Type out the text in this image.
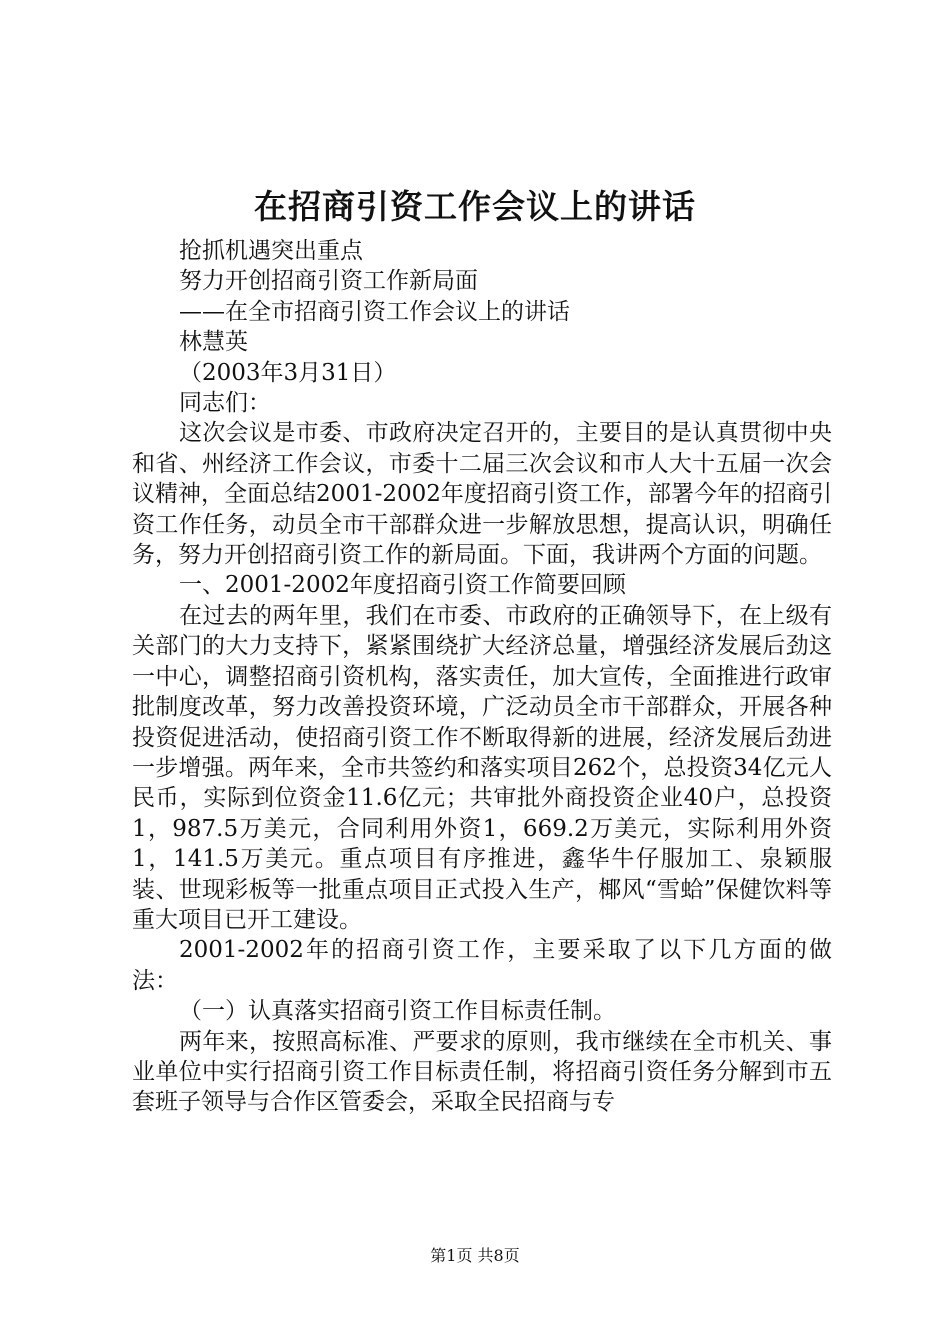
在招商引资工作会议上的讲话
抢抓机遇突出重点
努力开创招商引资工作新局面
——在全市招商引资工作会议上的讲话
林慧英
（2003年3月31日）
同志们：

这次会议是市委、市政府决定召开的，主要目的是认真贯彻中央和省、州经济工作会议，市委十二届三次会议和市人大十五届一次会议精神，全面总结2001-2002年度招商引资工作，部署今年的招商引资工作任务，动员全市干部群众进一步解放思想，提高认识，明确任务，努力开创招商引资工作的新局面。下面，我讲两个方面的问题。

一、2001-2002年度招商引资工作简要回顾

在过去的两年里，我们在市委、市政府的正确领导下，在上级有关部门的大力支持下，紧紧围绕扩大经济总量，增强经济发展后劲这一中心，调整招商引资机构，落实责任，加大宣传，全面推进行政审批制度改革，努力改善投资环境，广泛动员全市干部群众，开展各种投资促进活动，使招商引资工作不断取得新的进展，经济发展后劲进一步增强。两年来，全市共签约和落实项目262个，总投资34亿元人民币，实际到位资金11.6亿元；共审批外商投资企业40户，总投资1，987.5万美元，合同利用外资1，669.2万美元，实际利用外资1，141.5万美元。重点项目有序推进，鑫华牛仔服加工、泉颖服装、世现彩板等一批重点项目正式投入生产，椰风“雪蛤”保健饮料等重大项目已开工建设。

2001-2002年的招商引资工作，主要采取了以下几方面的做法：

（一）认真落实招商引资工作目标责任制。

两年来，按照高标准、严要求的原则，我市继续在全市机关、事业单位中实行招商引资工作目标责任制，将招商引资任务分解到市五套班子领导与合作区管委会，采取全民招商与专

第1页 共8页
